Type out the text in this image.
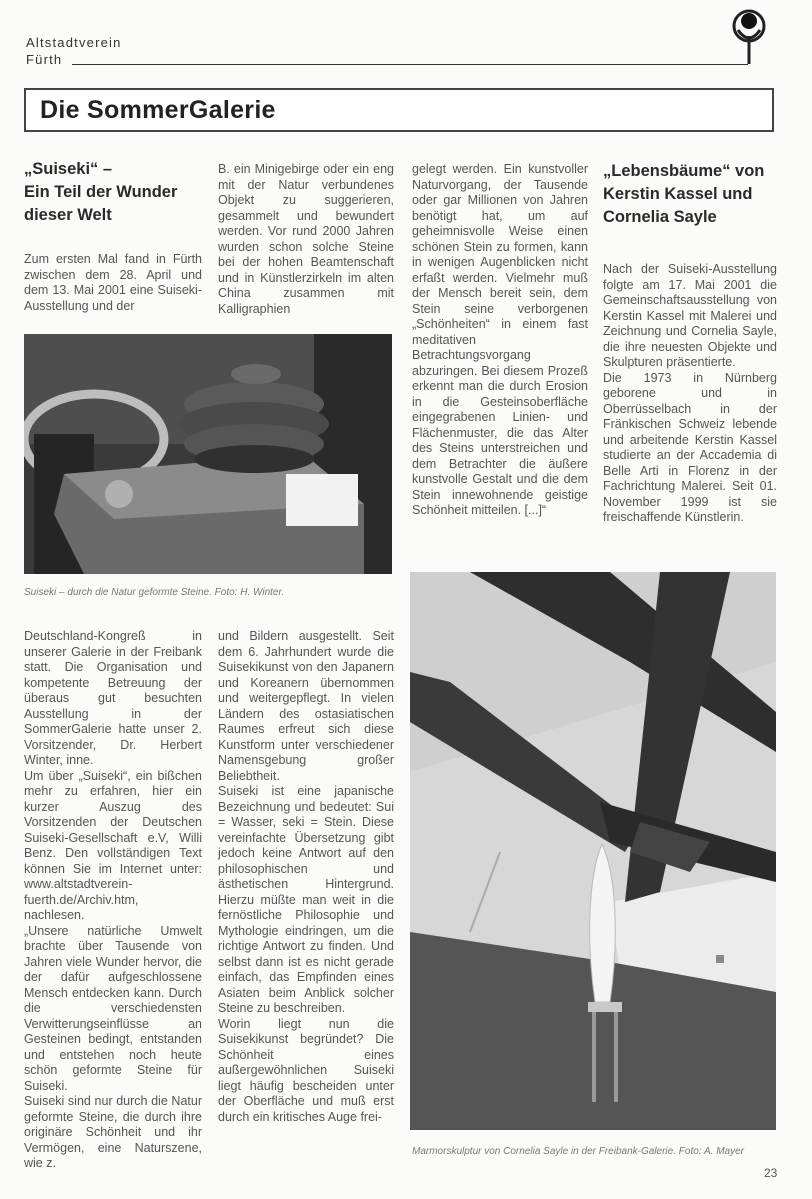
Altstadtverein
Fürth
Die SommerGalerie
„Suiseki“ –
Ein Teil der Wunder
dieser Welt

Zum ersten Mal fand in Fürth zwischen dem 28. April und dem 13. Mai 2001 eine Suiseki-Ausstellung und der

B. ein Minigebirge oder ein eng mit der Natur verbundenes Objekt zu suggerieren, gesammelt und bewundert werden. Vor rund 2000 Jahren wurden schon solche Steine bei der hohen Beamtenschaft und in Künstlerzirkeln im alten China zusammen mit Kalligraphien

gelegt werden. Ein kunstvoller Naturvorgang, der Tausende oder gar Millionen von Jahren benötigt hat, um auf geheimnisvolle Weise einen schönen Stein zu formen, kann in wenigen Augenblicken nicht erfaßt werden. Vielmehr muß der Mensch bereit sein, dem Stein seine verborgenen „Schönheiten“ in einem fast meditativen Betrachtungsvorgang abzuringen. Bei diesem Prozeß erkennt man die durch Erosion in die Gesteinsoberfläche eingegrabenen Linien- und Flächenmuster, die das Alter des Steins unterstreichen und dem Betrachter die äußere kunstvolle Gestalt und die dem Stein innewohnende geistige Schönheit mitteilen. [...]“

Suiseki – durch die Natur geformte Steine. Foto: H. Winter.
„Lebensbäume“ von
Kerstin Kassel und
Cornelia Sayle

Nach der Suiseki-Ausstellung folgte am 17. Mai 2001 die Gemeinschaftsausstellung von Kerstin Kassel mit Malerei und Zeichnung und Cornelia Sayle, die ihre neuesten Objekte und Skulpturen präsentierte.

Die 1973 in Nürnberg geborene und in Oberrüsselbach in der Fränkischen Schweiz lebende und arbeitende Kerstin Kassel studierte an der Accademia di Belle Arti in Florenz in der Fachrichtung Malerei. Seit 01. November 1999 ist sie freischaffende Künstlerin.

Deutschland-Kongreß in unserer Galerie in der Freibank statt. Die Organisation und kompetente Betreuung der überaus gut besuchten Ausstellung in der SommerGalerie hatte unser 2. Vorsitzender, Dr. Herbert Winter, inne.

Um über „Suiseki“, ein bißchen mehr zu erfahren, hier ein kurzer Auszug des Vorsitzenden der Deutschen Suiseki-Gesellschaft e.V, Willi Benz. Den vollständigen Text können Sie im Internet unter: www.altstadtverein-fuerth.de/Archiv.htm, nachlesen.

„Unsere natürliche Umwelt brachte über Tausende von Jahren viele Wunder hervor, die der dafür aufgeschlossene Mensch entdecken kann. Durch die verschiedensten Verwitterungseinflüsse an Gesteinen bedingt, entstanden und entstehen noch heute schön geformte Steine für Suiseki.

Suiseki sind nur durch die Natur geformte Steine, die durch ihre originäre Schönheit und ihr Vermögen, eine Naturszene, wie z.

und Bildern ausgestellt. Seit dem 6. Jahrhundert wurde die Suisekikunst von den Japanern und Koreanern übernommen und weitergepflegt. In vielen Ländern des ostasiatischen Raumes erfreut sich diese Kunstform unter verschiedener Namensgebung großer Beliebtheit.

Suiseki ist eine japanische Bezeichnung und bedeutet: Sui = Wasser, seki = Stein. Diese vereinfachte Übersetzung gibt jedoch keine Antwort auf den philosophischen und ästhetischen Hintergrund. Hierzu müßte man weit in die fernöstliche Philosophie und Mythologie eindringen, um die richtige Antwort zu finden. Und selbst dann ist es nicht gerade einfach, das Empfinden eines Asiaten beim Anblick solcher Steine zu beschreiben.

Worin liegt nun die Suisekikunst begründet? Die Schönheit eines außergewöhnlichen Suiseki liegt häufig bescheiden unter der Oberfläche und muß erst durch ein kritisches Auge frei-

Marmorskulptur von Cornelia Sayle in der Freibank-Galerie. Foto: A. Mayer
23
